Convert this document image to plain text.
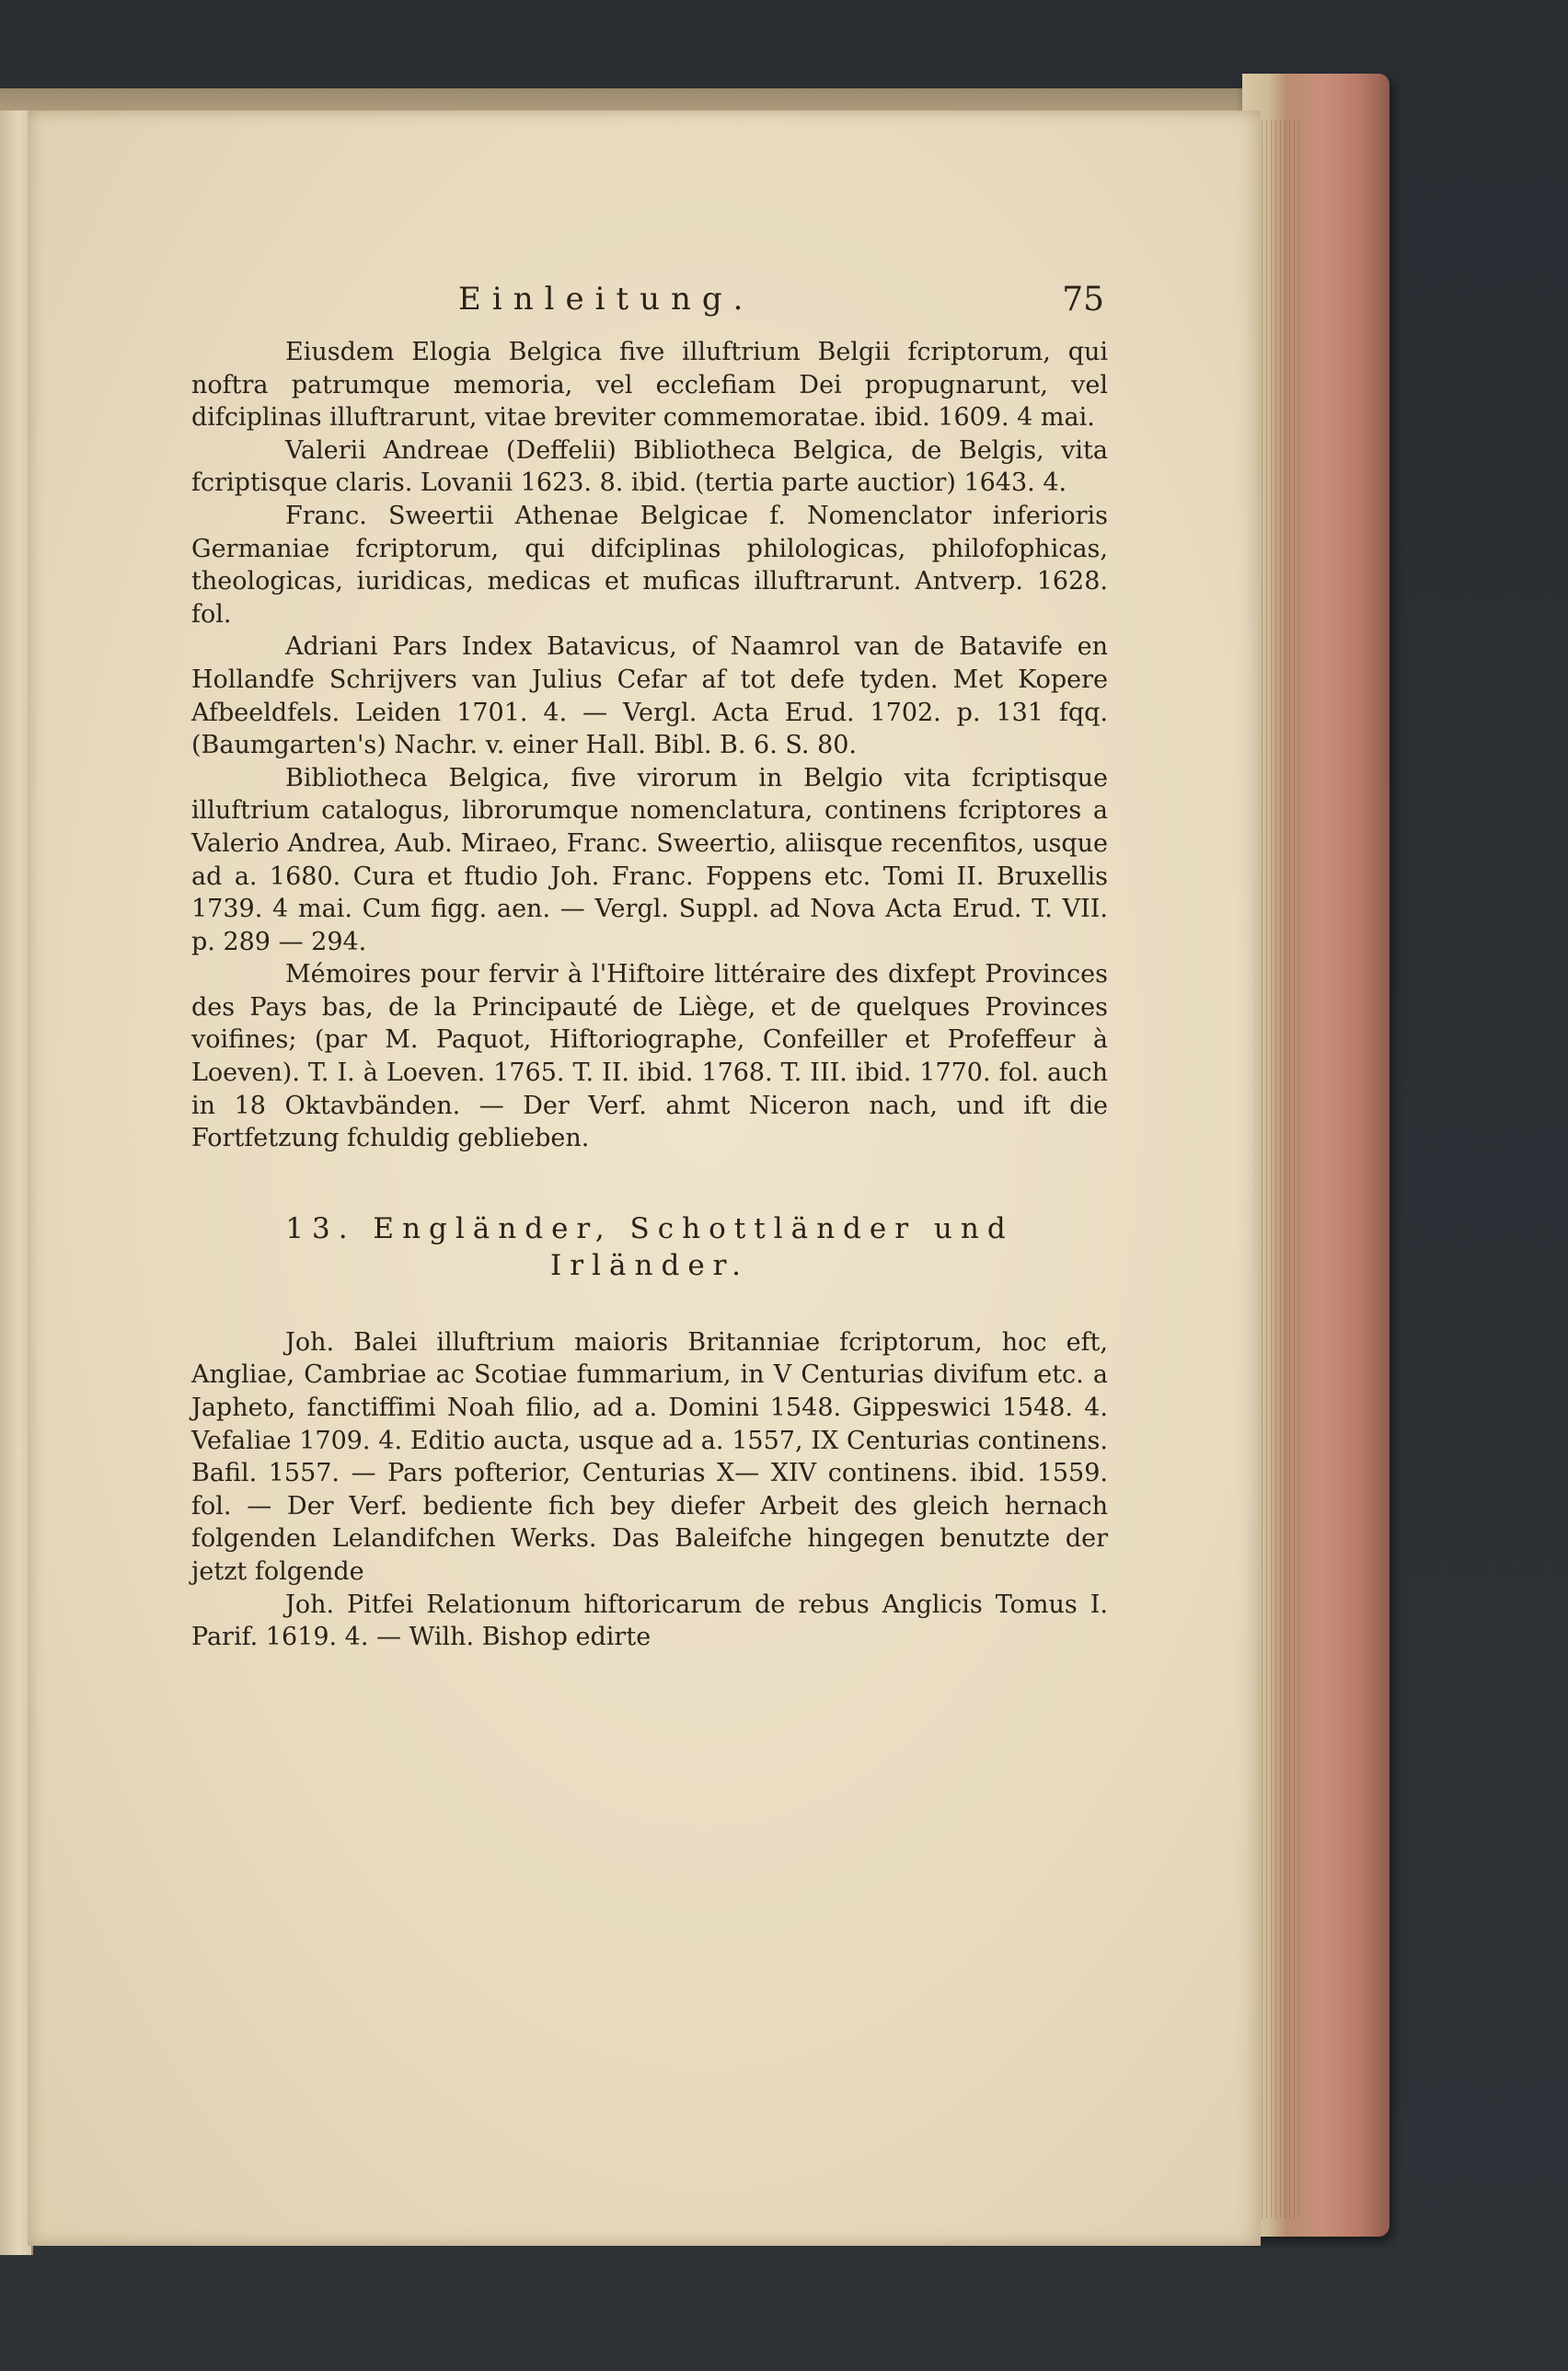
Einleitung.	75

Eiusdem Elogia Belgica five illuftrium Belgii fcriptorum, qui noftra patrumque memoria, vel ecclefiam Dei propugnarunt, vel difciplinas illuftrarunt, vitae breviter commemoratae. ibid. 1609. 4 mai.

Valerii Andreae (Deffelii) Bibliotheca Belgica, de Belgis, vita fcriptisque claris. Lovanii 1623. 8. ibid. (tertia parte auctior) 1643. 4.

Franc. Sweertii Athenae Belgicae f. Nomenclator inferioris Germaniae fcriptorum, qui difciplinas philologicas, philofophicas, theologicas, iuridicas, medicas et muficas illuftrarunt. Antverp. 1628. fol.

Adriani Pars Index Batavicus, of Naamrol van de Batavife en Hollandfe Schrijvers van Julius Cefar af tot defe tyden. Met Kopere Afbeeldfels. Leiden 1701. 4. — Vergl. Acta Erud. 1702. p. 131 fqq. (Baumgarten's) Nachr. v. einer Hall. Bibl. B. 6. S. 80.

Bibliotheca Belgica, five virorum in Belgio vita fcriptisque illuftrium catalogus, librorumque nomenclatura, continens fcriptores a Valerio Andrea, Aub. Miraeo, Franc. Sweertio, aliisque recenfitos, usque ad a. 1680. Cura et ftudio Joh. Franc. Foppens etc. Tomi II. Bruxellis 1739. 4 mai. Cum figg. aen. — Vergl. Suppl. ad Nova Acta Erud. T. VII. p. 289 — 294.

Mémoires pour fervir à l'Hiftoire littéraire des dixfept Provinces des Pays bas, de la Principauté de Liège, et de quelques Provinces voifines; (par M. Paquot, Hiftoriographe, Confeiller et Profeffeur à Loeven). T. I. à Loeven. 1765. T. II. ibid. 1768. T. III. ibid. 1770. fol. auch in 18 Oktavbänden. — Der Verf. ahmt Niceron nach, und ift die Fortfetzung fchuldig geblieben.

13. Engländer, Schottländer und Irländer.

Joh. Balei illuftrium maioris Britanniae fcriptorum, hoc eft, Angliae, Cambriae ac Scotiae fummarium, in V Centurias divifum etc. a Japheto, fanctiffimi Noah filio, ad a. Domini 1548. Gippeswici 1548. 4. Vefaliae 1709. 4. Editio aucta, usque ad a. 1557, IX Centurias continens. Bafil. 1557. — Pars pofterior, Centurias X— XIV continens. ibid. 1559. fol. — Der Verf. bediente fich bey diefer Arbeit des gleich hernach folgenden Lelandifchen Werks. Das Baleifche hingegen benutzte der jetzt folgende

Joh. Pitfei Relationum hiftoricarum de rebus Anglicis Tomus I. Parif. 1619. 4. — Wilh. Bishop edirte
